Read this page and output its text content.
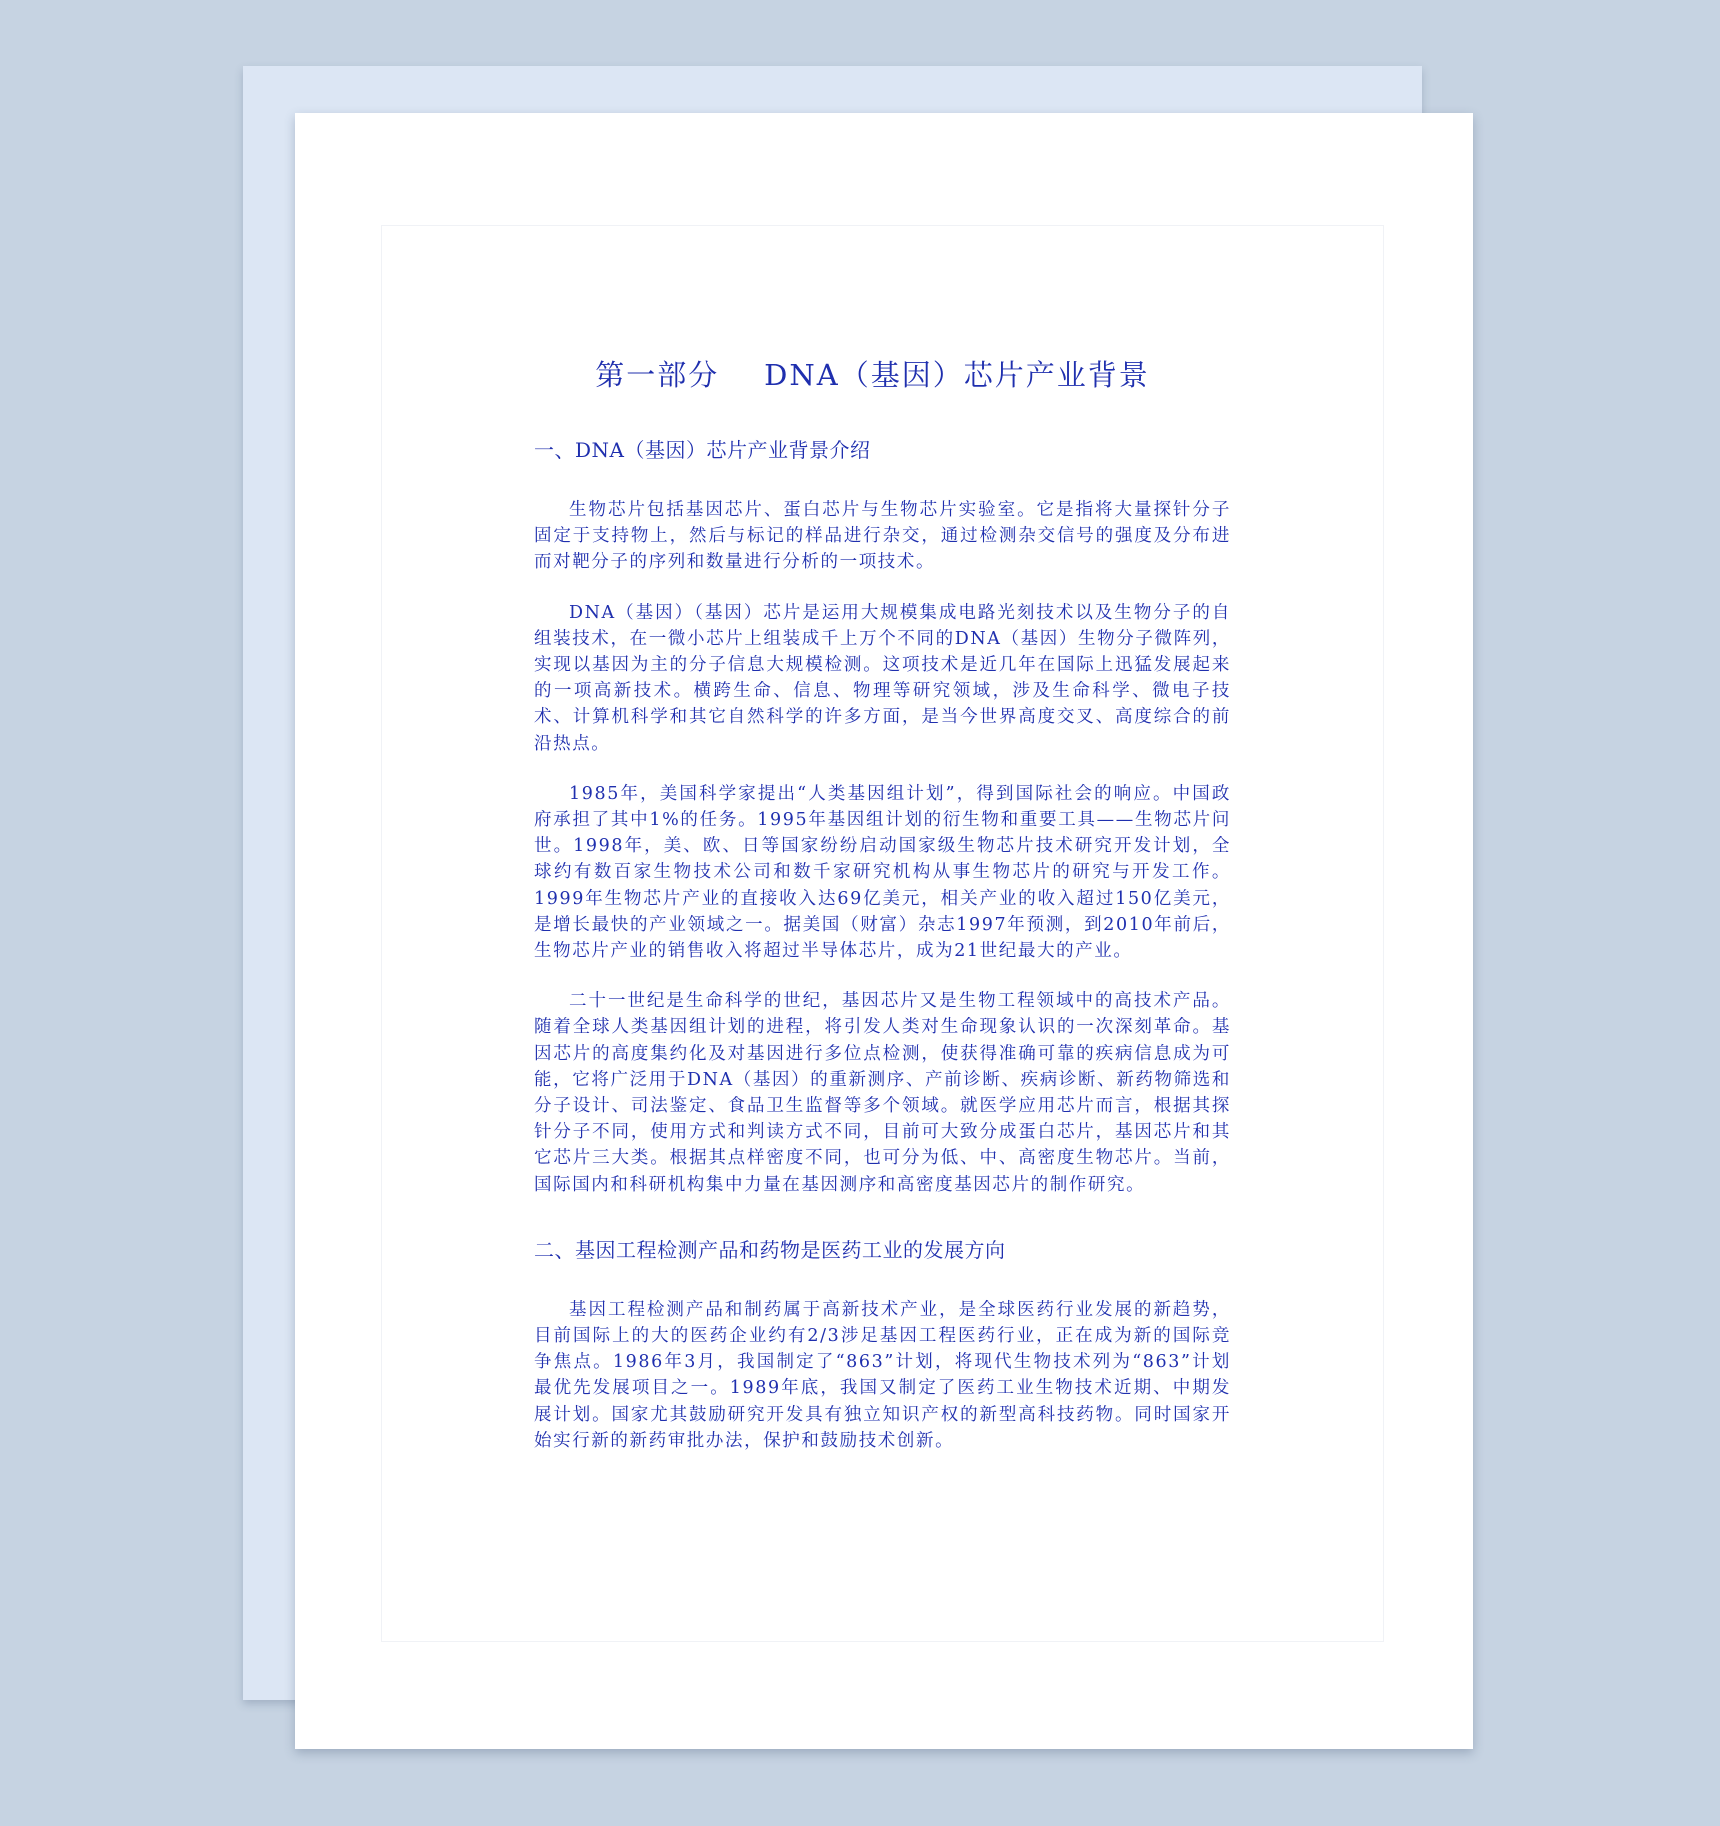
第一部分    DNA（基因）芯片产业背景
一、DNA（基因）芯片产业背景介绍

生物芯片包括基因芯片、蛋白芯片与生物芯片实验室。它是指将大量探针分子固定于支持物上，然后与标记的样品进行杂交，通过检测杂交信号的强度及分布进而对靶分子的序列和数量进行分析的一项技术。

DNA（基因）（基因）芯片是运用大规模集成电路光刻技术以及生物分子的自组装技术，在一微小芯片上组装成千上万个不同的DNA（基因）生物分子微阵列，实现以基因为主的分子信息大规模检测。这项技术是近几年在国际上迅猛发展起来的一项高新技术。横跨生命、信息、物理等研究领域，涉及生命科学、微电子技术、计算机科学和其它自然科学的许多方面，是当今世界高度交叉、高度综合的前沿热点。

1985年，美国科学家提出“人类基因组计划”，得到国际社会的响应。中国政府承担了其中1%的任务。1995年基因组计划的衍生物和重要工具——生物芯片问世。1998年，美、欧、日等国家纷纷启动国家级生物芯片技术研究开发计划，全球约有数百家生物技术公司和数千家研究机构从事生物芯片的研究与开发工作。1999年生物芯片产业的直接收入达69亿美元，相关产业的收入超过150亿美元，是增长最快的产业领域之一。据美国（财富）杂志1997年预测，到2010年前后，生物芯片产业的销售收入将超过半导体芯片，成为21世纪最大的产业。

二十一世纪是生命科学的世纪，基因芯片又是生物工程领域中的高技术产品。随着全球人类基因组计划的进程，将引发人类对生命现象认识的一次深刻革命。基因芯片的高度集约化及对基因进行多位点检测，使获得准确可靠的疾病信息成为可能，它将广泛用于DNA（基因）的重新测序、产前诊断、疾病诊断、新药物筛选和分子设计、司法鉴定、食品卫生监督等多个领域。就医学应用芯片而言，根据其探针分子不同，使用方式和判读方式不同，目前可大致分成蛋白芯片，基因芯片和其它芯片三大类。根据其点样密度不同，也可分为低、中、高密度生物芯片。当前，国际国内和科研机构集中力量在基因测序和高密度基因芯片的制作研究。

二、基因工程检测产品和药物是医药工业的发展方向

基因工程检测产品和制药属于高新技术产业，是全球医药行业发展的新趋势，目前国际上的大的医药企业约有2/3涉足基因工程医药行业，正在成为新的国际竞争焦点。1986年3月，我国制定了“863”计划，将现代生物技术列为“863”计划最优先发展项目之一。1989年底，我国又制定了医药工业生物技术近期、中期发展计划。国家尤其鼓励研究开发具有独立知识产权的新型高科技药物。同时国家开始实行新的新药审批办法，保护和鼓励技术创新。
